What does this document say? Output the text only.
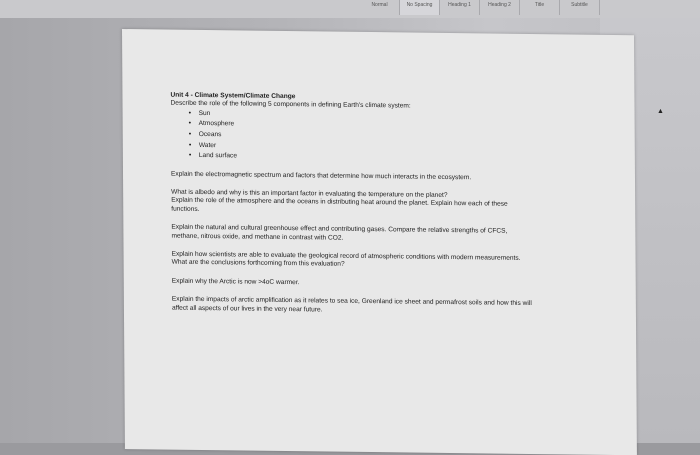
Normal	No Spacing	Heading 1	Heading 2	Title	Subtitle

Unit 4 - Climate System/Climate Change

Describe the role of the following 5 components in defining Earth's climate system:

• Sun
• Atmosphere
• Oceans
• Water
• Land surface

Explain the electromagnetic spectrum and factors that determine how much interacts in the ecosystem.

What is albedo and why is this an important factor in evaluating the temperature on the planet?

Explain the role of the atmosphere and the oceans in distributing heat around the planet. Explain how each of these functions.

Explain the natural and cultural greenhouse effect and contributing gases. Compare the relative strengths of CFCS, methane, nitrous oxide, and methane in contrast with CO2.

Explain how scientists are able to evaluate the geological record of atmospheric conditions with modern measurements. What are the conclusions forthcoming from this evaluation?

Explain why the Arctic is now >4oC warmer.

Explain the impacts of arctic amplification as it relates to sea ice, Greenland ice sheet and permafrost soils and how this will affect all aspects of our lives in the very near future.

▲
